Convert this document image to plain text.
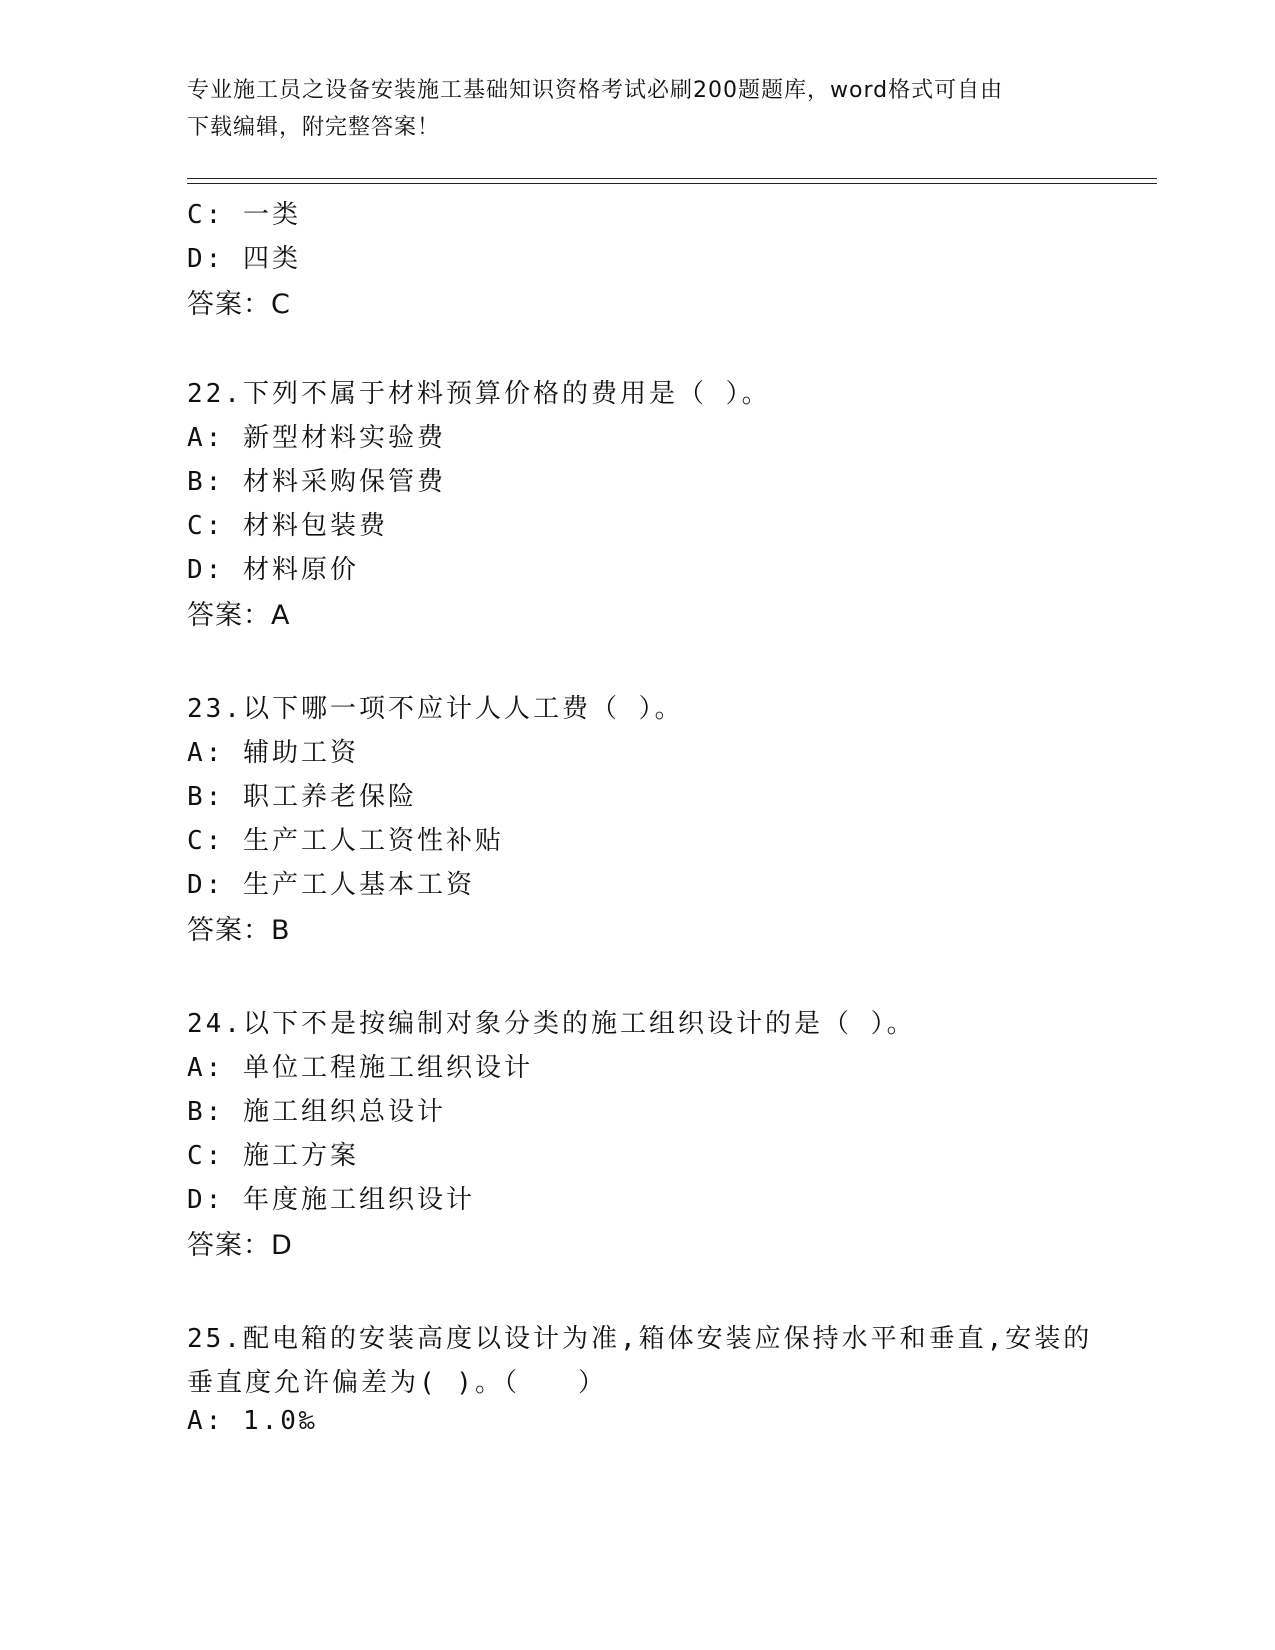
专业施工员之设备安装施工基础知识资格考试必刷200题题库，word格式可自由
下载编辑，附完整答案！
C: 一类
D: 四类
答案：C
22.下列不属于材料预算价格的费用是（ ）。
A: 新型材料实验费
B: 材料采购保管费
C: 材料包装费
D: 材料原价
答案：A
23.以下哪一项不应计人人工费（ ）。
A: 辅助工资
B: 职工养老保险
C: 生产工人工资性补贴
D: 生产工人基本工资
答案：B
24.以下不是按编制对象分类的施工组织设计的是（ ）。
A: 单位工程施工组织设计
B: 施工组织总设计
C: 施工方案
D: 年度施工组织设计
答案：D
25.配电箱的安装高度以设计为准,箱体安装应保持水平和垂直,安装的
垂直度允许偏差为( )。（　　）
A: 1.0‰
